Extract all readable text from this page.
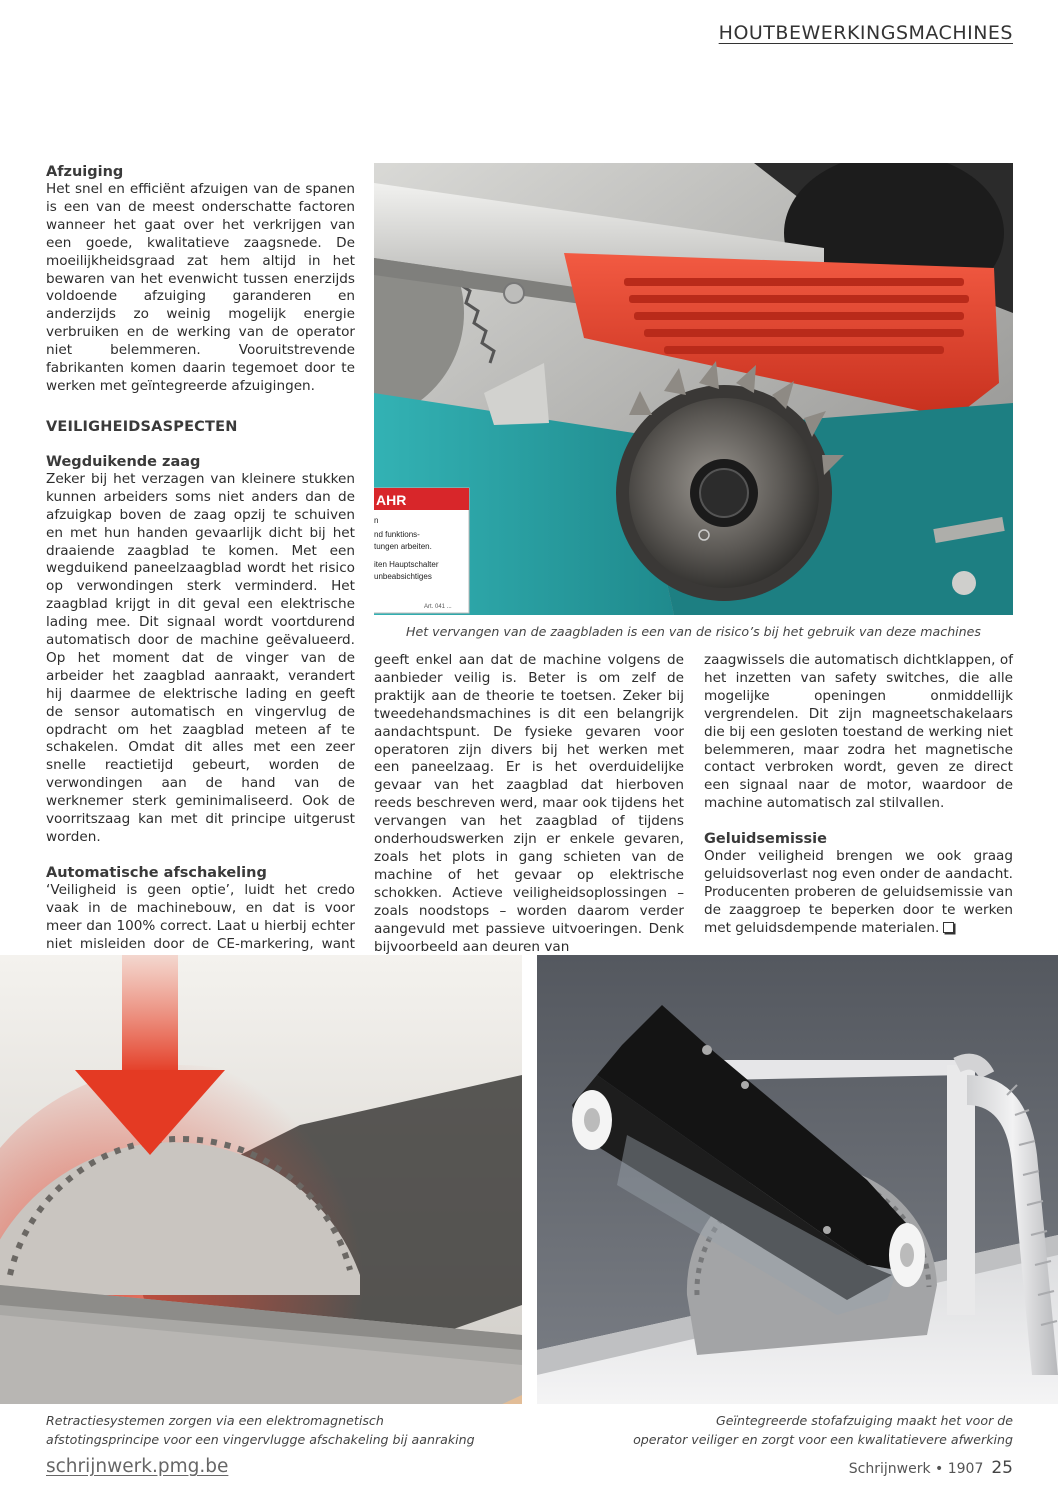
HOUTBEWERKINGSMACHINES
Afzuiging

Het snel en efficiënt afzuigen van de spanen is een van de meest onderschatte factoren wanneer het gaat over het verkrijgen van een goede, kwalitatieve zaagsnede. De moeilijkheidsgraad zat hem altijd in het bewaren van het evenwicht tussen enerzijds voldoende afzuiging garanderen en anderzijds zo weinig mogelijk energie verbruiken en de werking van de operator niet belemmeren. Vooruitstrevende fabrikanten komen daarin tegemoet door te werken met geïntegreerde afzuigingen.

VEILIGHEIDSASPECTEN
Wegduikende zaag

Zeker bij het verzagen van kleinere stukken kunnen arbeiders soms niet anders dan de afzuigkap boven de zaag opzij te schuiven en met hun handen gevaarlijk dicht bij het draaiende zaagblad te komen. Met een wegduikend paneelzaagblad wordt het risico op verwondingen sterk verminderd. Het zaagblad krijgt in dit geval een elektrische lading mee. Dit signaal wordt voortdurend automatisch door de machine geëvalueerd. Op het moment dat de vinger van de arbeider het zaagblad aanraakt, verandert hij daarmee de elektrische lading en geeft de sensor automatisch en vingervlug de opdracht om het zaagblad meteen af te schakelen. Omdat dit alles met een zeer snelle reactietijd gebeurt, worden de verwondingen aan de hand van de werknemer sterk geminimaliseerd. Ook de voorritszaag kan met dit principe uitgerust worden.

Automatische afschakeling

‘Veiligheid is geen optie’, luidt het credo vaak in de machinebouw, en dat is voor meer dan 100% correct. Laat u hierbij echter niet misleiden door de CE-markering, want

AHR
n
nd funktions-
tungen arbeiten.
iten Hauptschalter
unbeabsichtiges
Art. 041 ...
Het vervangen van de zaagbladen is een van de risico’s bij het gebruik van deze machines

geeft enkel aan dat de machine volgens de aanbieder veilig is. Beter is om zelf de praktijk aan de theorie te toetsen. Zeker bij tweedehandsmachines is dit een belangrijk aandachtspunt. De fysieke gevaren voor operatoren zijn divers bij het werken met een paneelzaag. Er is het overduidelijke gevaar van het zaagblad dat hierboven reeds beschreven werd, maar ook tijdens het vervangen van het zaagblad of tijdens onderhoudswerken zijn er enkele gevaren, zoals het plots in gang schieten van de machine of het gevaar op elektrische schokken. Actieve veiligheidsoplossingen – zoals noodstops – worden daarom verder aangevuld met passieve uitvoeringen. Denk bijvoorbeeld aan deuren van

zaagwissels die automatisch dichtklappen, of het inzetten van safety switches, die alle mogelijke openingen onmiddellijk vergrendelen. Dit zijn magneetschakelaars die bij een gesloten toestand de werking niet belemmeren, maar zodra het magnetische contact verbroken wordt, geven ze direct een signaal naar de motor, waardoor de machine automatisch zal stilvallen.

Geluidsemissie

Onder veiligheid brengen we ook graag geluidsoverlast nog even onder de aandacht. Producenten proberen de geluidsemissie van de zaaggroep te beperken door te werken met geluidsdempende materialen.

Retractiesystemen zorgen via een elektromagnetisch
afstotingsprincipe voor een vingervlugge afschakeling bij aanraking
Geïntegreerde stofafzuiging maakt het voor de
operator veiliger en zorgt voor een kwalitatievere afwerking
schrijnwerk.pmg.be	Schrijnwerk • 1907 25
